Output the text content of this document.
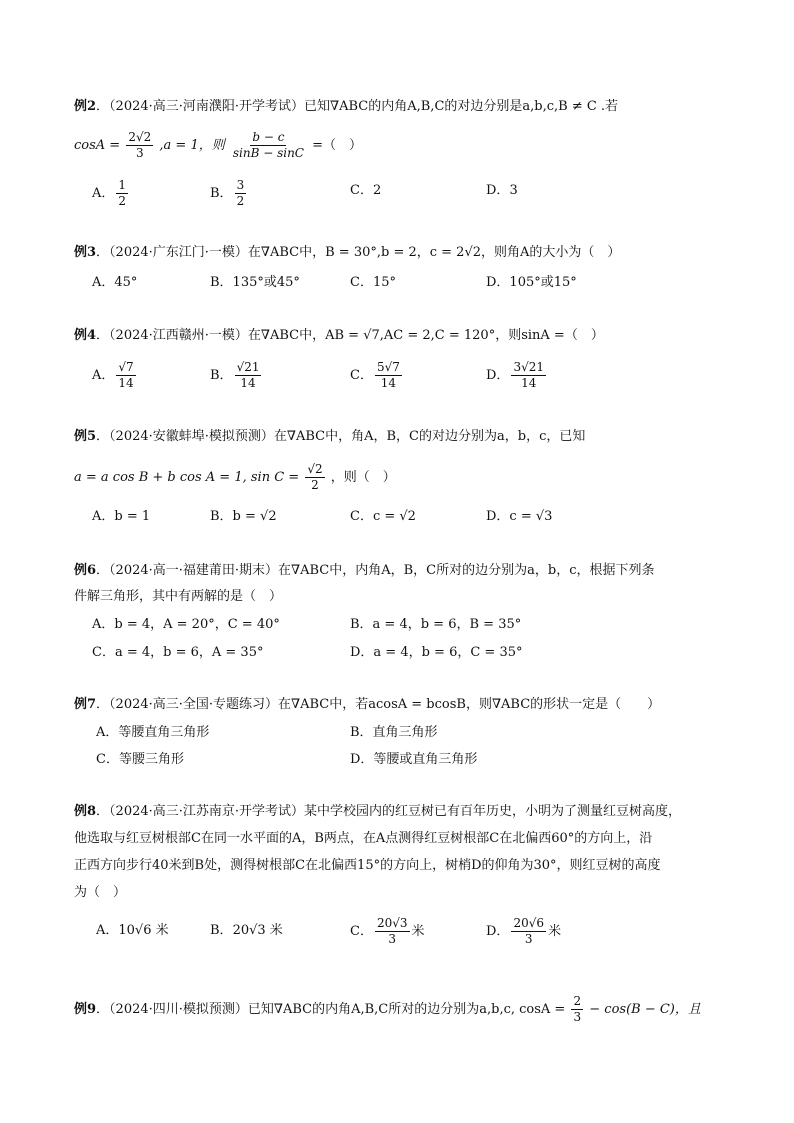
例2．（2024·高三·河南濮阳·开学考试）已知∇ABC的内角A,B,C的对边分别是a,b,c,B ≠ C .若
$\cos A = \frac{2√2}{3} ,a = 1$，则 $\frac{b - c}{\sin B - \sin C}$ =（　）
A． $\frac{1}{2}$	B． $\frac{3}{2}$	C．2	D．3
例3．（2024·广东江门·一模）在∇ABC中，B = 30°,b = 2，c = 2√2，则角A的大小为（　）
A．45°	B．135°或45°	C．15°	D．105°或15°
例4．（2024·江西赣州·一模）在∇ABC中，AB = √7,AC = 2,C = 120°，则sinA =（　）
A． $\frac{√7}{14}$	B． $\frac{√21}{14}$	C． $\frac{5√7}{14}$	D． $\frac{3√21}{14}$
例5．（2024·安徽蚌埠·模拟预测）在∇ABC中，角A，B，C的对边分别为a，b，c，已知
a = a cos B + b cos A = 1, $\sin C = \frac{√2}{2}$ ，则（　）
A．b = 1	B．b = √2	C．c = √2	D．c = √3
例6．（2024·高一·福建莆田·期末）在∇ABC中，内角A，B，C所对的边分别为a，b，c，根据下列条
件解三角形，其中有两解的是（　）
A．b = 4，A = 20°，C = 40°	B．a = 4，b = 6，B = 35°
C．a = 4，b = 6，A = 35°	D．a = 4，b = 6，C = 35°
例7．（2024·高三·全国·专题练习）在∇ABC中，若acosA = bcosB，则∇ABC的形状一定是（　　）
A．等腰直角三角形	B．直角三角形
C．等腰三角形	D．等腰或直角三角形
例8．（2024·高三·江苏南京·开学考试）某中学校园内的红豆树已有百年历史，小明为了测量红豆树高度，
他选取与红豆树根部C在同一水平面的A，B两点，在A点测得红豆树根部C在北偏西60°的方向上，沿
正西方向步行40米到B处，测得树根部C在北偏西15°的方向上，树梢D的仰角为30°，则红豆树的高度
为（　）
A．10√6 米	B．20√3 米	C． $\frac{20√3}{3}$ 米	D． $\frac{20√6}{3}$ 米
例9．（2024·四川·模拟预测）已知∇ABC的内角A,B,C所对的边分别为a,b,c, $\cos A = \frac{2}{3} - \cos(B - C)$，且
